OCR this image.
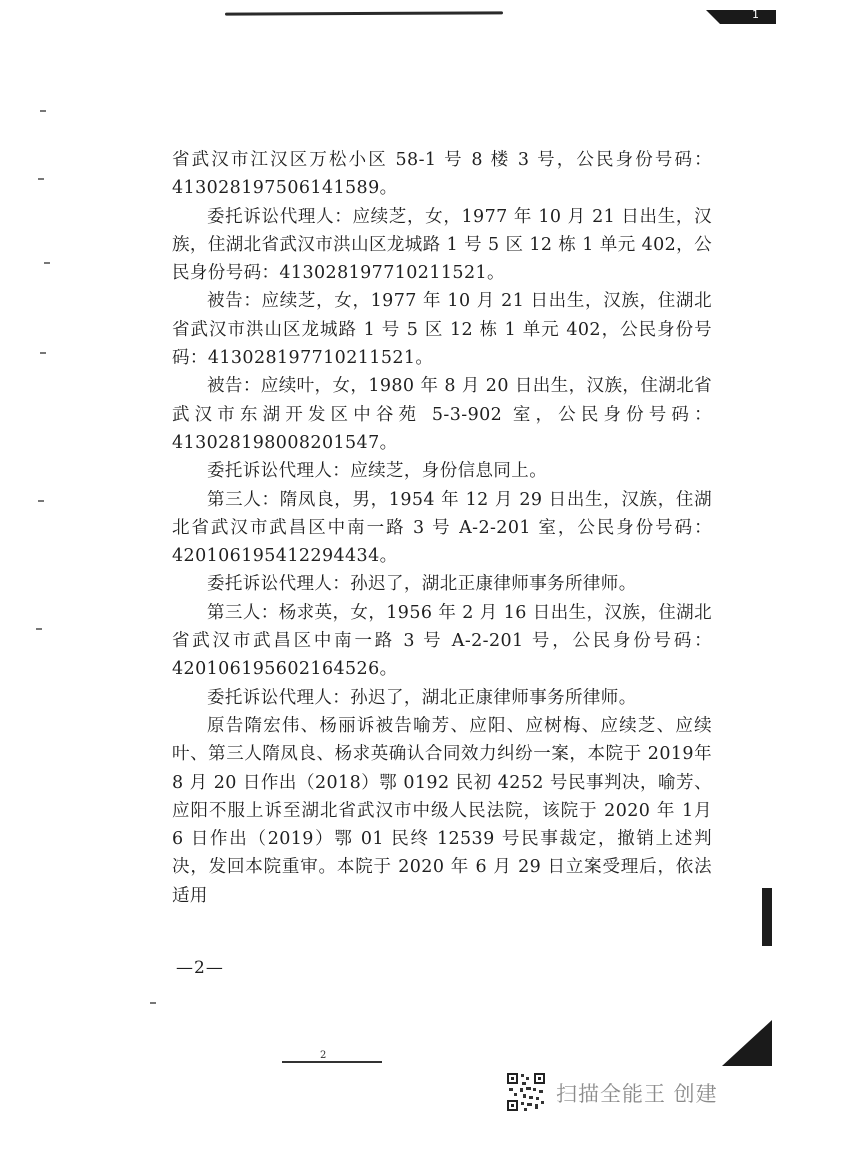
1

省武汉市江汉区万松小区 58-1 号 8 楼 3 号，公民身份号码：413028197506141589。

委托诉讼代理人：应续芝，女，1977 年 10 月 21 日出生，汉族，住湖北省武汉市洪山区龙城路 1 号 5 区 12 栋 1 单元 402，公民身份号码：413028197710211521。

被告：应续芝，女，1977 年 10 月 21 日出生，汉族，住湖北省武汉市洪山区龙城路 1 号 5 区 12 栋 1 单元 402，公民身份号码：413028197710211521。

被告：应续叶，女，1980 年 8 月 20 日出生，汉族，住湖北省武汉市东湖开发区中谷苑 5-3-902 室，公民身份号码：413028198008201547。

委托诉讼代理人：应续芝，身份信息同上。

第三人：隋凤良，男，1954 年 12 月 29 日出生，汉族，住湖北省武汉市武昌区中南一路 3 号 A-2-201 室，公民身份号码：420106195412294434。

委托诉讼代理人：孙迟了，湖北正康律师事务所律师。

第三人：杨求英，女，1956 年 2 月 16 日出生，汉族，住湖北省武汉市武昌区中南一路 3 号 A-2-201 号，公民身份号码：420106195602164526。

委托诉讼代理人：孙迟了，湖北正康律师事务所律师。

原告隋宏伟、杨丽诉被告喻芳、应阳、应树梅、应续芝、应续叶、第三人隋凤良、杨求英确认合同效力纠纷一案，本院于 2019年 8 月 20 日作出（2018）鄂 0192 民初 4252 号民事判决，喻芳、应阳不服上诉至湖北省武汉市中级人民法院，该院于 2020 年 1月 6 日作出（2019）鄂 01 民终 12539 号民事裁定，撤销上述判决，发回本院重审。本院于 2020 年 6 月 29 日立案受理后，依法适用

—2—
2
扫描全能王 创建
